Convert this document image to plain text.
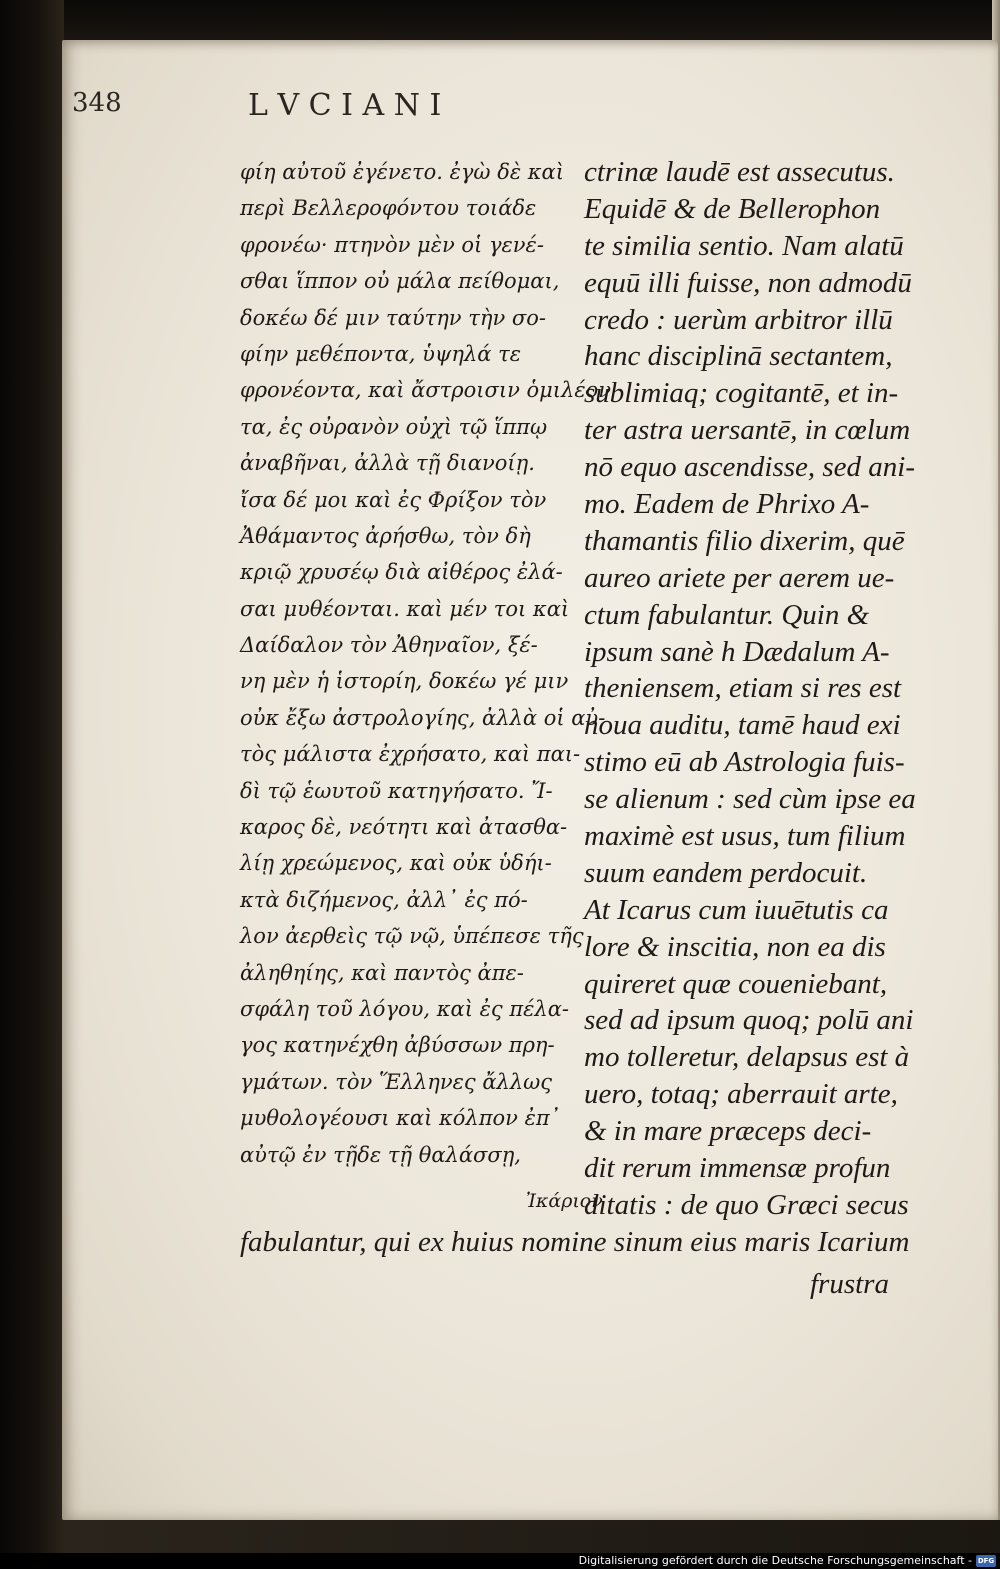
348	L V C I A N I
φίη αὐτοῦ ἐγένετο. ἐγὼ δὲ καὶ
περὶ Βελλεροφόντου τοιάδε
φρονέω· πτηνὸν μὲν οἱ γενέ-
σθαι ἵππον οὐ μάλα πείθομαι,
δοκέω δέ μιν ταύτην τὴν σο-
φίην μεθέποντα, ὑψηλά τε
φρονέοντα, καὶ ἄστροισιν ὁμιλέον
τα, ἐς οὐρανὸν οὐχὶ τῷ ἵππῳ
ἀναβῆναι, ἀλλὰ τῇ διανοίῃ.
ἴσα δέ μοι καὶ ἐς Φρίξον τὸν
Ἀθάμαντος ἀρήσθω, τὸν δὴ
κριῷ χρυσέῳ διὰ αἰθέρος ἐλά-
σαι μυθέονται. καὶ μέν τοι καὶ
Δαίδαλον τὸν Ἀθηναῖον, ξέ-
νη μὲν ἡ ἱστορίη, δοκέω γέ μιν
οὐκ ἔξω ἀστρολογίης, ἀλλὰ οἱ αὐ-
τὸς μάλιστα ἐχρήσατο, καὶ παι-
δὶ τῷ ἑωυτοῦ κατηγήσατο. Ἴ-
καρος δὲ, νεότητι καὶ ἀτασθα-
λίῃ χρεώμενος, καὶ οὐκ ὑδήι-
κτὰ διζήμενος, ἀλλ᾽ ἐς πό-
λον ἀερθεὶς τῷ νῷ, ὑπέπεσε τῆς
ἀληθηίης, καὶ παντὸς ἀπε-
σφάλη τοῦ λόγου, καὶ ἐς πέλα-
γος κατηνέχθη ἀβύσσων πρη-
γμάτων. τὸν Ἕλληνες ἄλλως
μυθολογέουσι καὶ κόλπον ἐπ᾽
αὐτῷ ἐν τῇδε τῇ θαλάσσῃ,
ctrinæ laudē est assecutus.
Equidē & de Bellerophon
te similia sentio. Nam alatū
equū illi fuisse, non admodū
credo : uerùm arbitror illū
hanc disciplinā sectantem,
sublimiaq; cogitantē, et in-
ter astra uersantē, in cœlum
nō equo ascendisse, sed ani-
mo. Eadem de Phrixo A-
thamantis filio dixerim, quē
aureo ariete per aerem ue-
ctum fabulantur. Quin &
ipsum sanè h Dædalum A-
theniensem, etiam si res est
noua auditu, tamē haud exi
stimo eū ab Astrologia fuis-
se alienum : sed cùm ipse ea
maximè est usus, tum filium
suum eandem perdocuit.
At Icarus cum iuuētutis ca
lore & inscitia, non ea dis
quireret quæ coueniebant,
sed ad ipsum quoq; polū ani
mo tolleretur, delapsus est à
uero, totaq; aberrauit arte,
& in mare præceps deci-
dit rerum immensæ profun
ditatis : de quo Græci secus
Ἰκάριον
fabulantur, qui ex huius nomine sinum eius maris Icarium
frustra
Digitalisierung gefördert durch die Deutsche Forschungsgemeinschaft - DFG
